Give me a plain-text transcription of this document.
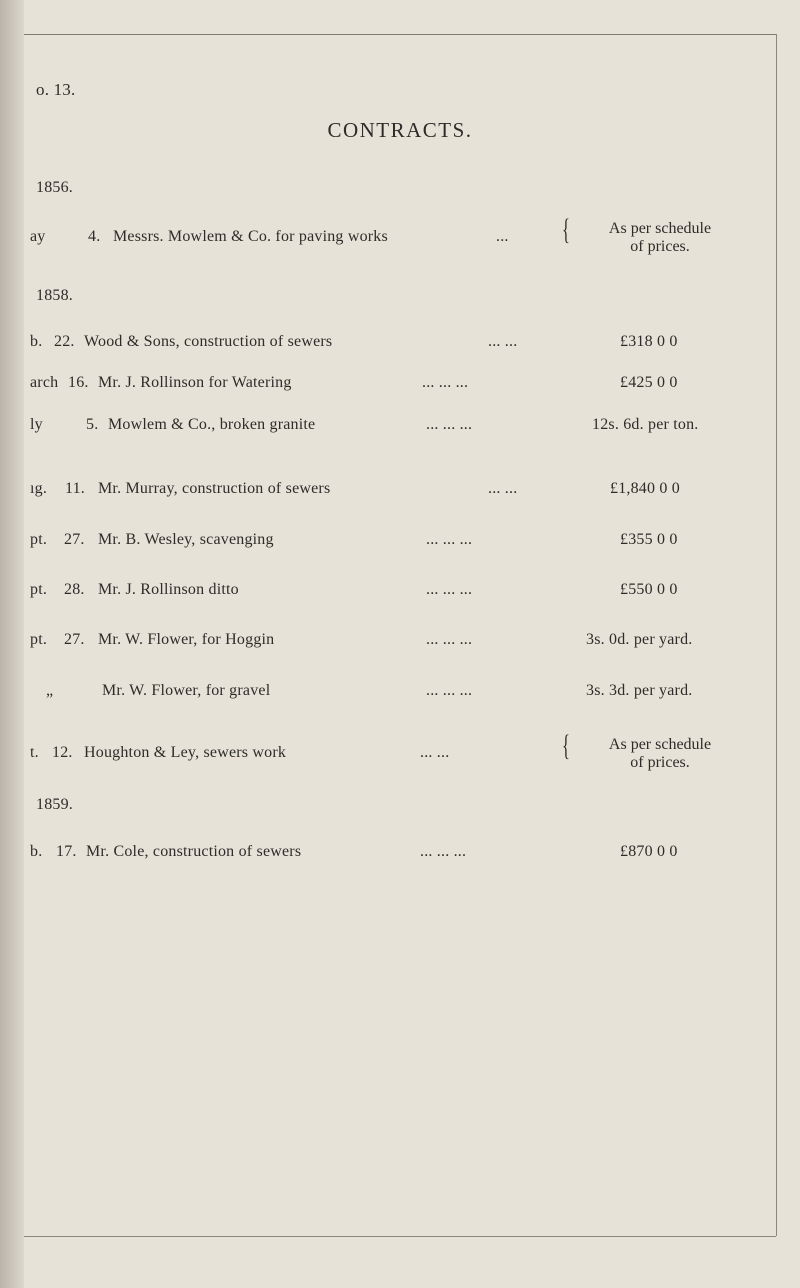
o. 13.
CONTRACTS.
1856.
ay	4. Messrs. Mowlem & Co. for paving works	... {	As per schedule
of prices.
1858.
b. 22. Wood & Sons, construction of sewers	... ...	£318 0 0
arch 16. Mr. J. Rollinson for Watering	... ... ...	£425 0 0
ly	5. Mowlem & Co., broken granite	... ... ...	12s. 6d. per ton.
ıg. 11. Mr. Murray, construction of sewers	... ...	£1,840 0 0
pt. 27. Mr. B. Wesley, scavenging	... ... ...	£355 0 0
pt. 28. Mr. J. Rollinson ditto	... ... ...	£550 0 0
pt. 27. Mr. W. Flower, for Hoggin	... ... ...	3s. 0d. per yard.
„	Mr. W. Flower, for gravel	... ... ...	3s. 3d. per yard.
t. 12. Houghton & Ley, sewers work	... ...	{	As per schedule
of prices.
1859.
b. 17. Mr. Cole, construction of sewers	... ... ...	£870 0 0
